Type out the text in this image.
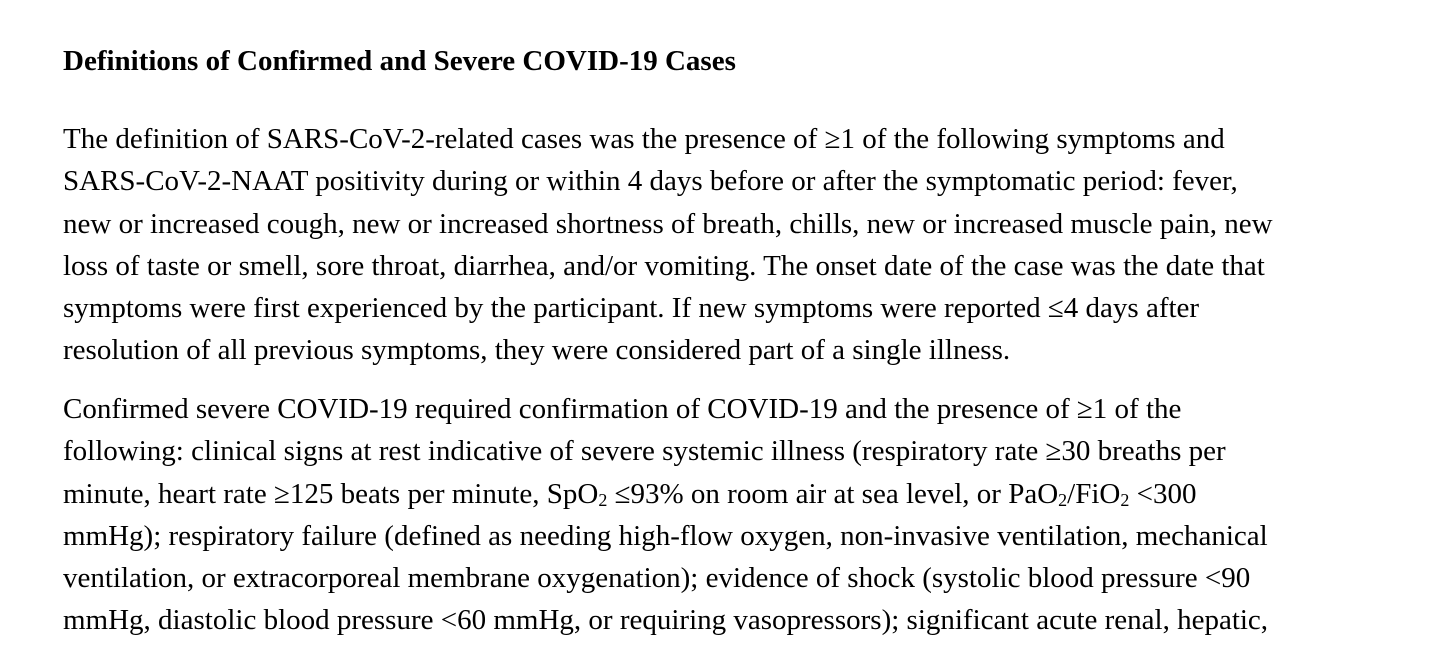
Definitions of Confirmed and Severe COVID-19 Cases

The definition of SARS-CoV-2-related cases was the presence of ≥1 of the following symptoms and
SARS-CoV-2-NAAT positivity during or within 4 days before or after the symptomatic period: fever,
new or increased cough, new or increased shortness of breath, chills, new or increased muscle pain, new
loss of taste or smell, sore throat, diarrhea, and/or vomiting. The onset date of the case was the date that
symptoms were first experienced by the participant. If new symptoms were reported ≤4 days after
resolution of all previous symptoms, they were considered part of a single illness.

Confirmed severe COVID-19 required confirmation of COVID-19 and the presence of ≥1 of the
following: clinical signs at rest indicative of severe systemic illness (respiratory rate ≥30 breaths per
minute, heart rate ≥125 beats per minute, SpO$_2$ ≤93% on room air at sea level, or PaO$_2$/FiO$_2$ <300
mmHg); respiratory failure (defined as needing high-flow oxygen, non-invasive ventilation, mechanical
ventilation, or extracorporeal membrane oxygenation); evidence of shock (systolic blood pressure <90
mmHg, diastolic blood pressure <60 mmHg, or requiring vasopressors); significant acute renal, hepatic,
